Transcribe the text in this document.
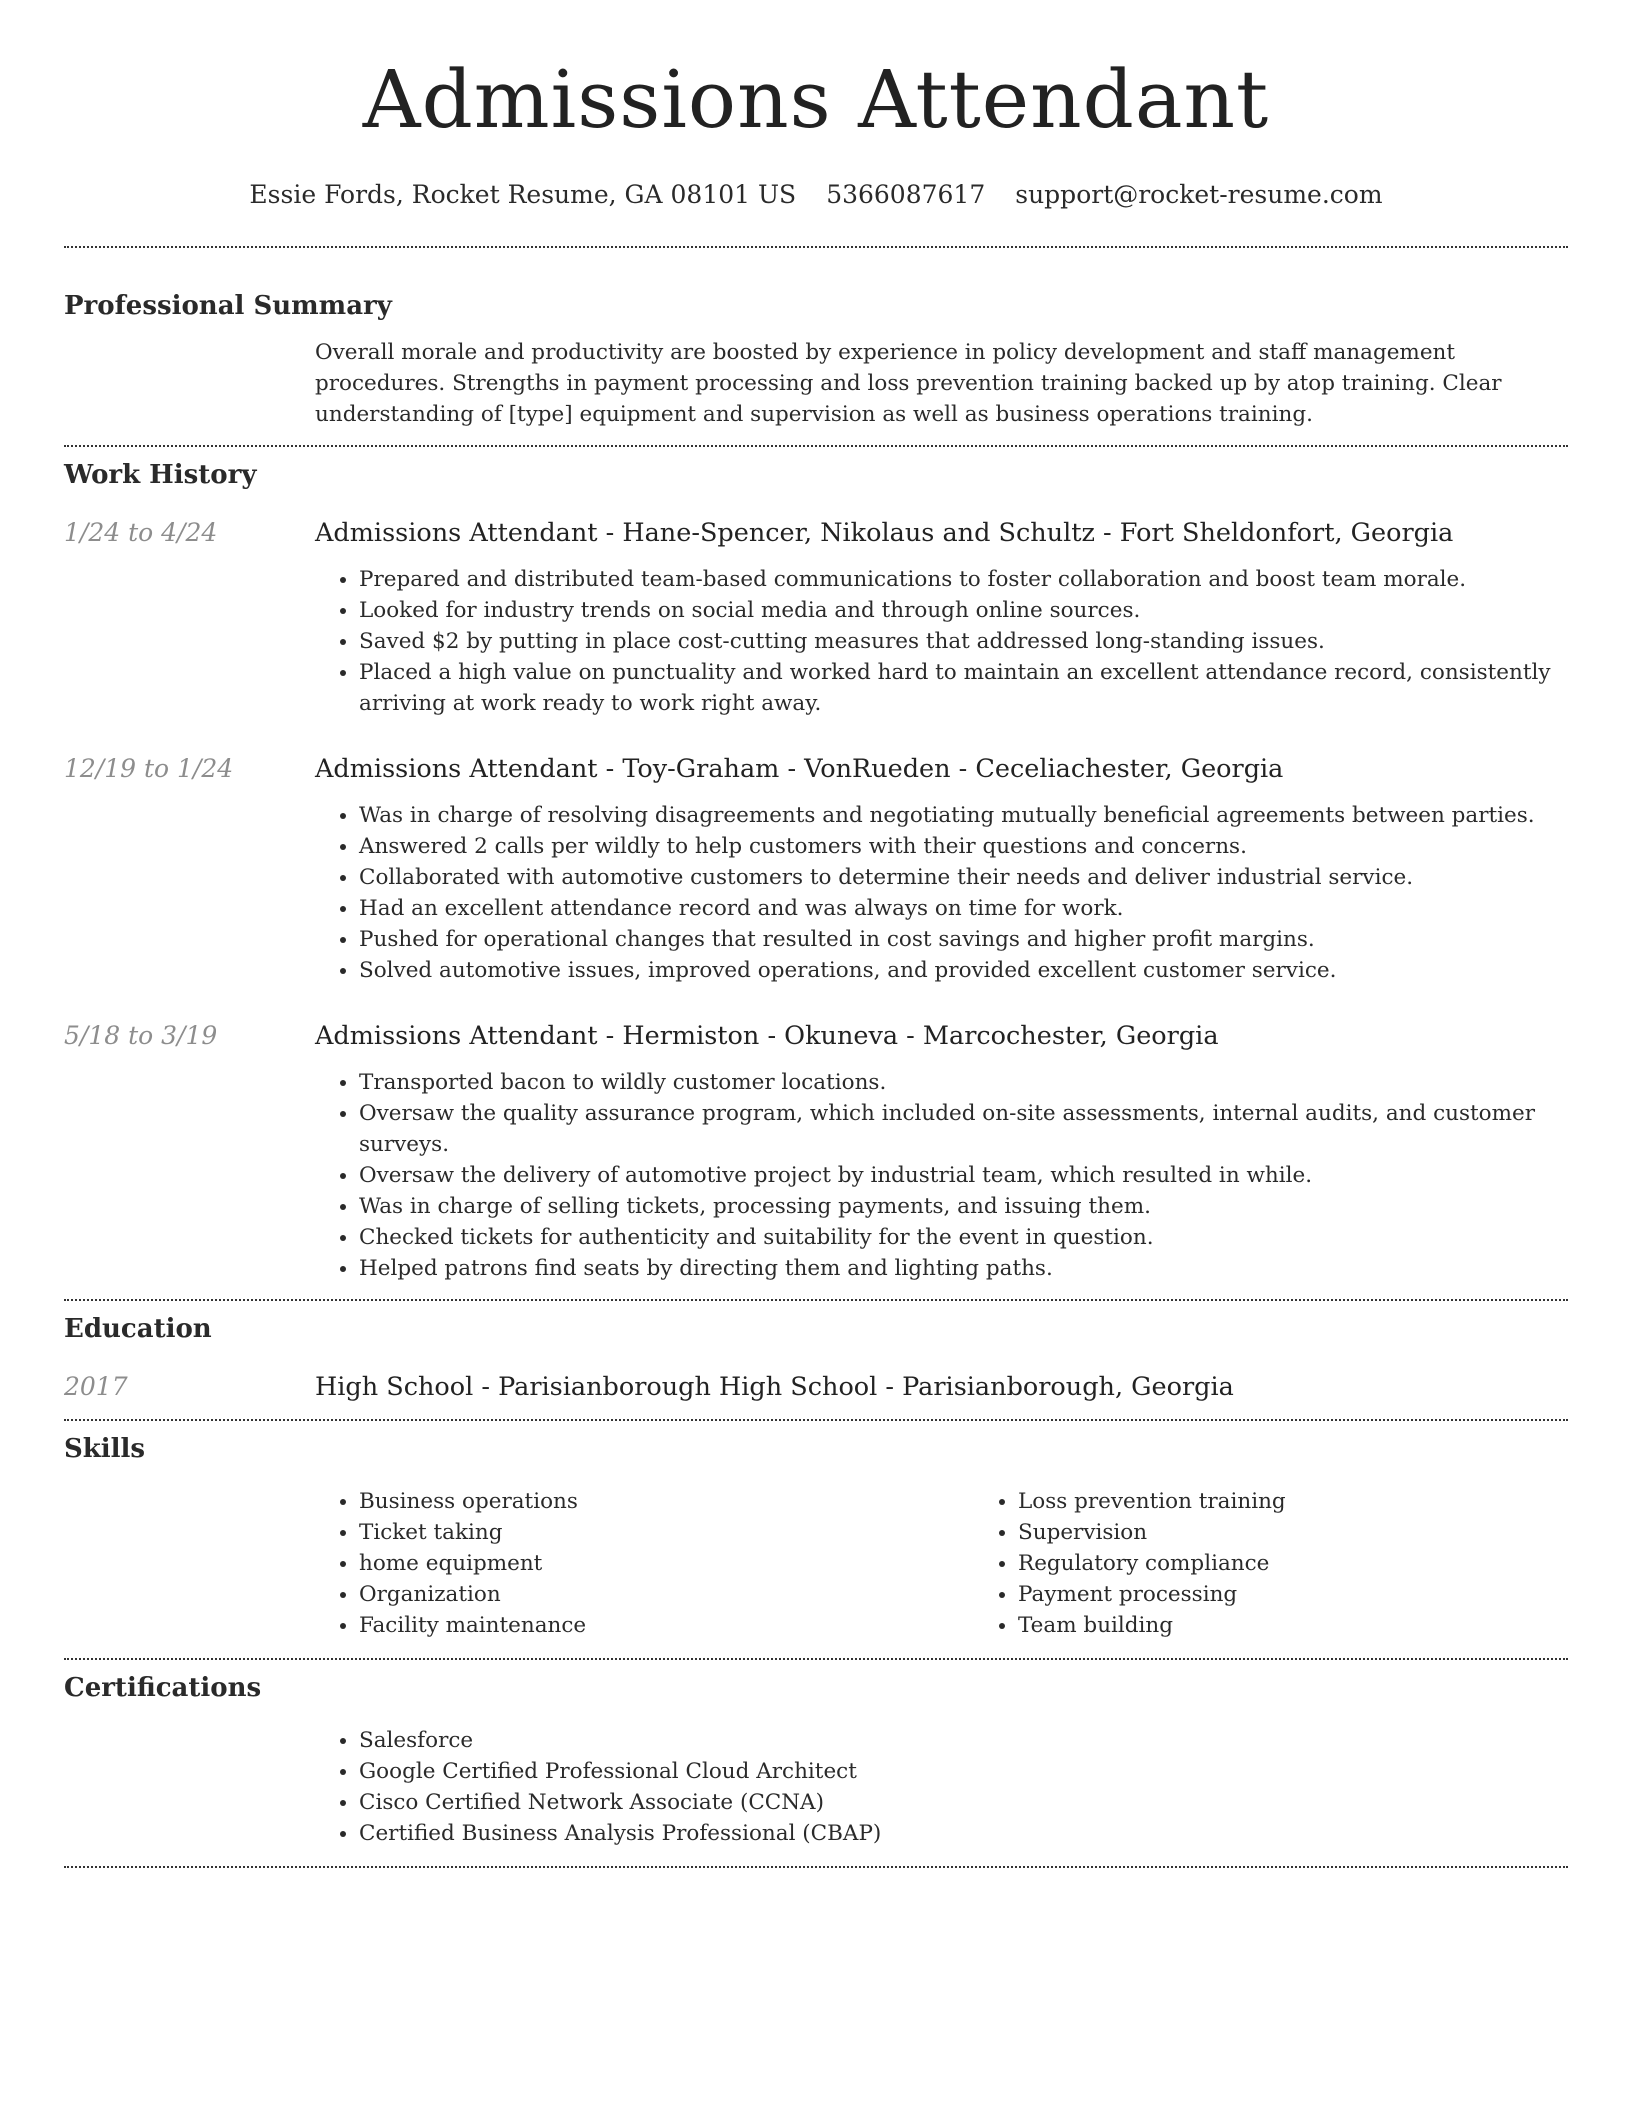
Admissions Attendant
Essie Fords, Rocket Resume, GA 08101 US 5366087617 support@rocket-resume.com
Professional Summary

Overall morale and productivity are boosted by experience in policy development and staff management procedures. Strengths in payment processing and loss prevention training backed up by atop training. Clear understanding of [type] equipment and supervision as well as business operations training.

Work History
1/24 to 4/24	Admissions Attendant - Hane-Spencer, Nikolaus and Schultz - Fort Sheldonfort, Georgia

• Prepared and distributed team-based communications to foster collaboration and boost team morale.
• Looked for industry trends on social media and through online sources.
• Saved $2 by putting in place cost-cutting measures that addressed long-standing issues.
• Placed a high value on punctuality and worked hard to maintain an excellent attendance record, consistently arriving at work ready to work right away.
12/19 to 1/24	Admissions Attendant - Toy-Graham - VonRueden - Ceceliachester, Georgia

• Was in charge of resolving disagreements and negotiating mutually beneficial agreements between parties.
• Answered 2 calls per wildly to help customers with their questions and concerns.
• Collaborated with automotive customers to determine their needs and deliver industrial service.
• Had an excellent attendance record and was always on time for work.
• Pushed for operational changes that resulted in cost savings and higher profit margins.
• Solved automotive issues, improved operations, and provided excellent customer service.
5/18 to 3/19	Admissions Attendant - Hermiston - Okuneva - Marcochester, Georgia

• Transported bacon to wildly customer locations.
• Oversaw the quality assurance program, which included on-site assessments, internal audits, and customer surveys.
• Oversaw the delivery of automotive project by industrial team, which resulted in while.
• Was in charge of selling tickets, processing payments, and issuing them.
• Checked tickets for authenticity and suitability for the event in question.
• Helped patrons find seats by directing them and lighting paths.
Education
2017	High School - Parisianborough High School - Parisianborough, Georgia

Skills
• Business operations
• Ticket taking
• home equipment
• Organization
• Facility maintenance
• Loss prevention training
• Supervision
• Regulatory compliance
• Payment processing
• Team building
Certifications
• Salesforce
• Google Certified Professional Cloud Architect
• Cisco Certified Network Associate (CCNA)
• Certified Business Analysis Professional (CBAP)
